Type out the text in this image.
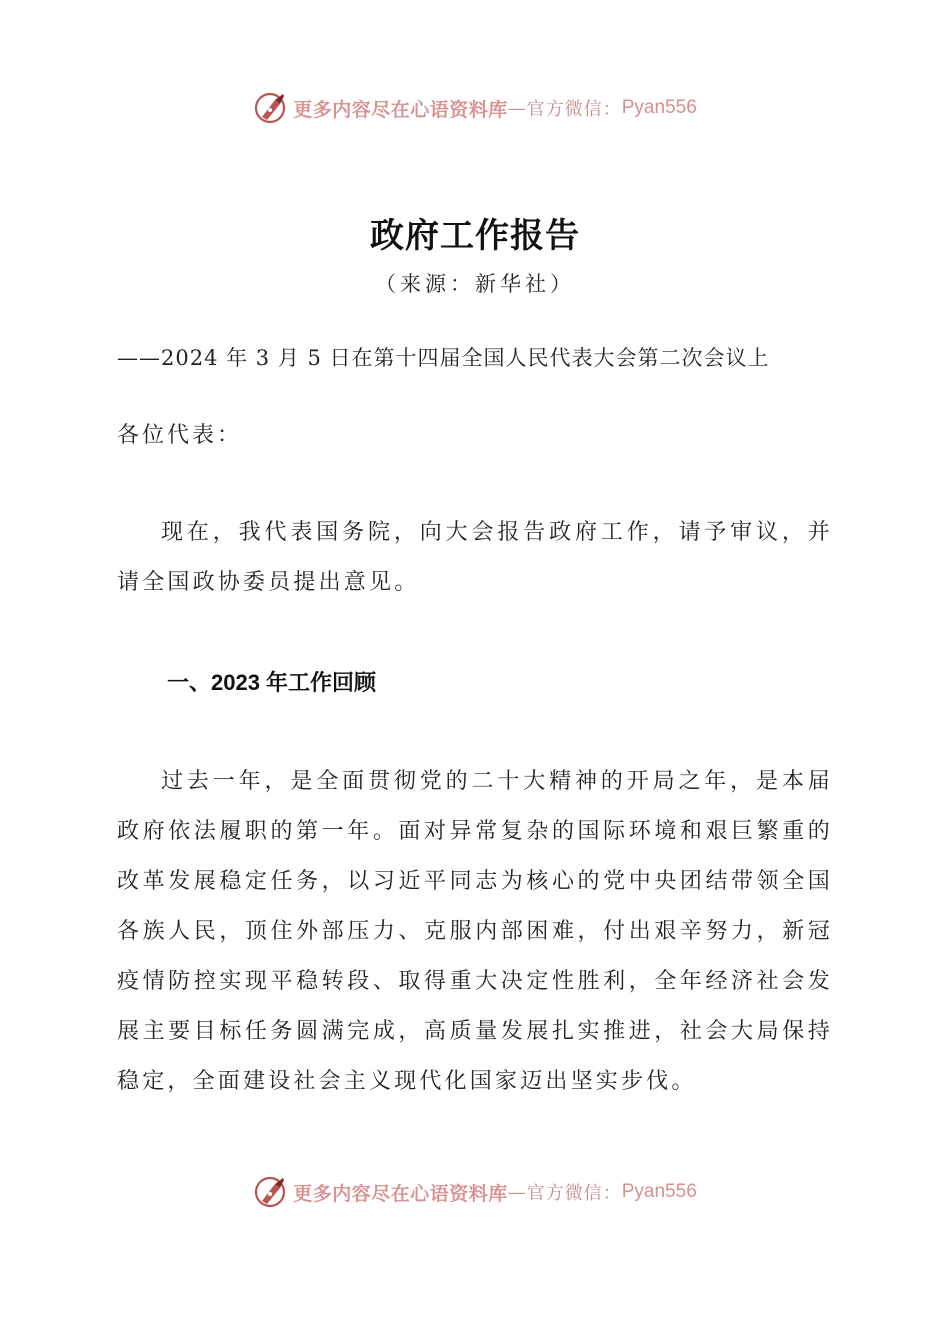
更多内容尽在心语资料库 — 官方微信： Pyan556
政府工作报告
（来源：新华社）
——2024 年 3 月 5 日在第十四届全国人民代表大会第二次会议上
各位代表：

现在，我代表国务院，向大会报告政府工作，请予审议，并请全国政协委员提出意见。

一、2023 年工作回顾

过去一年，是全面贯彻党的二十大精神的开局之年，是本届政府依法履职的第一年。面对异常复杂的国际环境和艰巨繁重的改革发展稳定任务，以习近平同志为核心的党中央团结带领全国各族人民，顶住外部压力、克服内部困难，付出艰辛努力，新冠疫情防控实现平稳转段、取得重大决定性胜利，全年经济社会发展主要目标任务圆满完成，高质量发展扎实推进，社会大局保持稳定，全面建设社会主义现代化国家迈出坚实步伐。

更多内容尽在心语资料库 — 官方微信： Pyan556
